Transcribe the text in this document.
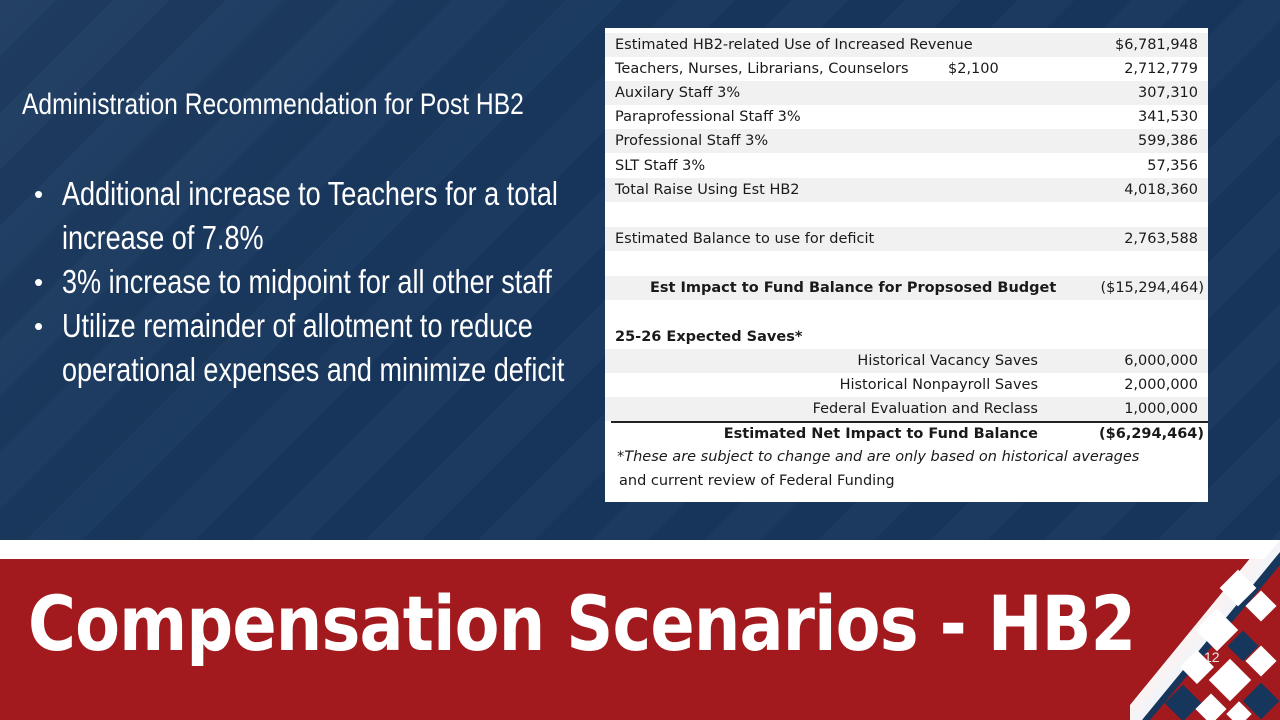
Administration Recommendation for Post HB2
• Additional increase to Teachers for a total
increase of 7.8%
• 3% increase to midpoint for all other staff
• Utilize remainder of allotment to reduce
operational expenses and minimize deficit
Estimated HB2-related Use of Increased Revenue	$6,781,948
Teachers, Nurses, Librarians, Counselors	$2,100	2,712,779
Auxilary Staff 3%	307,310
Paraprofessional Staff 3%	341,530
Professional Staff 3%	599,386
SLT Staff 3%	57,356
Total Raise Using Est HB2	4,018,360
Estimated Balance to use for deficit	2,763,588
Est Impact to Fund Balance for Propsosed Budget	($15,294,464)
25-26 Expected Saves*
Historical Vacancy Saves	6,000,000
Historical Nonpayroll Saves	2,000,000
Federal Evaluation and Reclass	1,000,000
Estimated Net Impact to Fund Balance	($6,294,464)
*These are subject to change and are only based on historical averages
and current review of Federal Funding
Compensation Scenarios - HB2	12
